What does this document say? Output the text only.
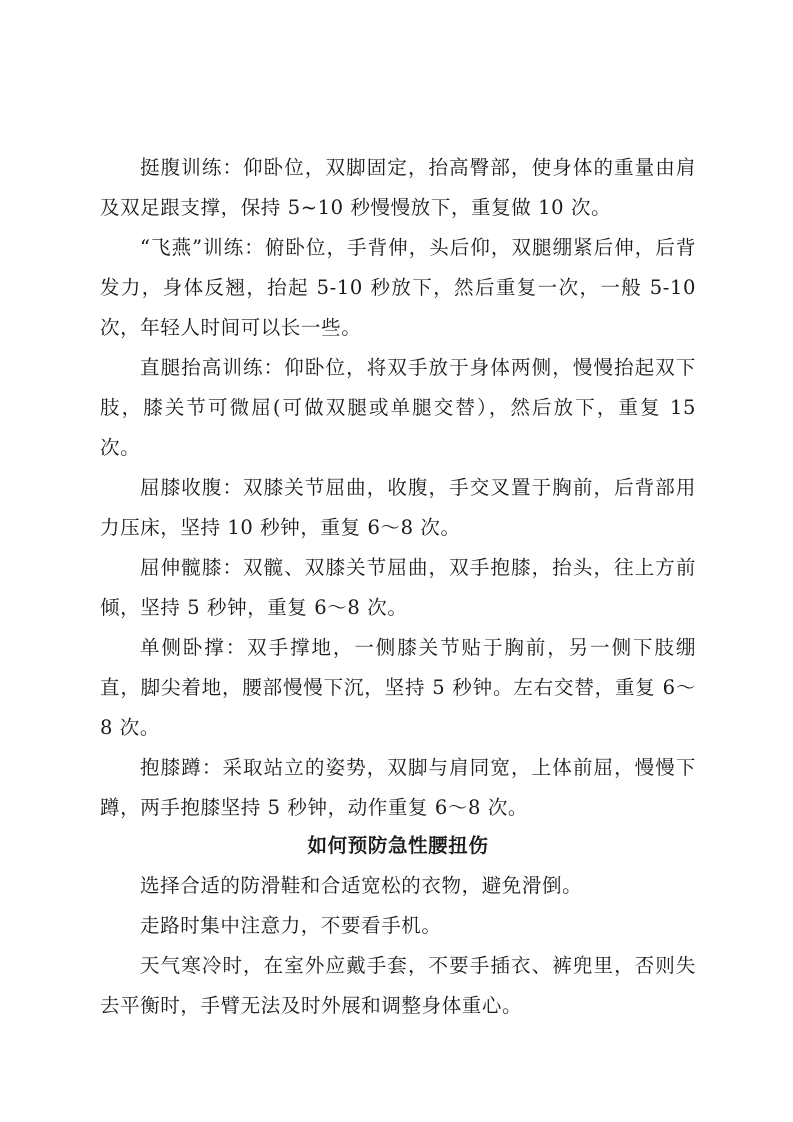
挺腹训练：仰卧位，双脚固定，抬高臀部，使身体的重量由肩及双足跟支撑，保持 5~10 秒慢慢放下，重复做 10 次。

“飞燕”训练：俯卧位，手背伸，头后仰，双腿绷紧后伸，后背发力，身体反翘，抬起 5-10 秒放下，然后重复一次，一般 5-10 次，年轻人时间可以长一些。

直腿抬高训练：仰卧位，将双手放于身体两侧，慢慢抬起双下肢，膝关节可微屈(可做双腿或单腿交替），然后放下，重复 15 次。

屈膝收腹：双膝关节屈曲，收腹，手交叉置于胸前，后背部用力压床，坚持 10 秒钟，重复 6～8 次。

屈伸髋膝：双髋、双膝关节屈曲，双手抱膝，抬头，往上方前倾，坚持 5 秒钟，重复 6～8 次。

单侧卧撑：双手撑地，一侧膝关节贴于胸前，另一侧下肢绷直，脚尖着地，腰部慢慢下沉，坚持 5 秒钟。左右交替，重复 6～8 次。

抱膝蹲：采取站立的姿势，双脚与肩同宽，上体前屈，慢慢下蹲，两手抱膝坚持 5 秒钟，动作重复 6～8 次。

如何预防急性腰扭伤

选择合适的防滑鞋和合适宽松的衣物，避免滑倒。

走路时集中注意力，不要看手机。

天气寒冷时，在室外应戴手套，不要手插衣、裤兜里，否则失去平衡时，手臂无法及时外展和调整身体重心。
